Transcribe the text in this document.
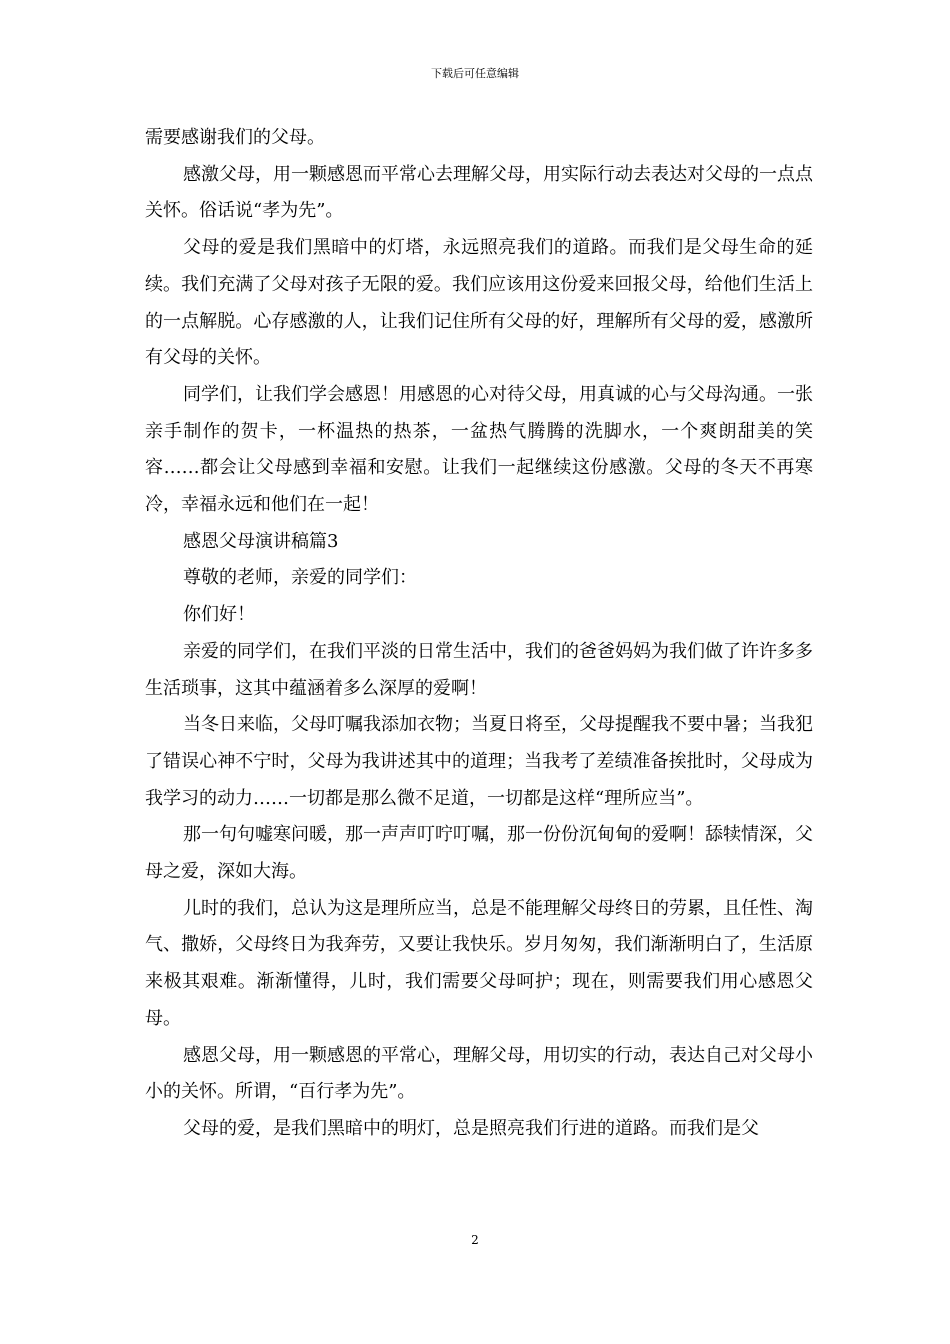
下载后可任意编辑

需要感谢我们的父母。

感激父母，用一颗感恩而平常心去理解父母，用实际行动去表达对父母的一点点关怀。俗话说“孝为先”。

父母的爱是我们黑暗中的灯塔，永远照亮我们的道路。而我们是父母生命的延续。我们充满了父母对孩子无限的爱。我们应该用这份爱来回报父母，给他们生活上的一点解脱。心存感激的人，让我们记住所有父母的好，理解所有父母的爱，感激所有父母的关怀。

同学们，让我们学会感恩！用感恩的心对待父母，用真诚的心与父母沟通。一张亲手制作的贺卡，一杯温热的热茶，一盆热气腾腾的洗脚水，一个爽朗甜美的笑容……都会让父母感到幸福和安慰。让我们一起继续这份感激。父母的冬天不再寒冷，幸福永远和他们在一起！

感恩父母演讲稿篇3

尊敬的老师，亲爱的同学们：

你们好！

亲爱的同学们，在我们平淡的日常生活中，我们的爸爸妈妈为我们做了许许多多生活琐事，这其中蕴涵着多么深厚的爱啊！

当冬日来临，父母叮嘱我添加衣物；当夏日将至，父母提醒我不要中暑；当我犯了错误心神不宁时，父母为我讲述其中的道理；当我考了差绩准备挨批时，父母成为我学习的动力……一切都是那么微不足道，一切都是这样“理所应当”。

那一句句嘘寒问暖，那一声声叮咛叮嘱，那一份份沉甸甸的爱啊！舔犊情深，父母之爱，深如大海。

儿时的我们，总认为这是理所应当，总是不能理解父母终日的劳累，且任性、淘气、撒娇，父母终日为我奔劳，又要让我快乐。岁月匆匆，我们渐渐明白了，生活原来极其艰难。渐渐懂得，儿时，我们需要父母呵护；现在，则需要我们用心感恩父母。

感恩父母，用一颗感恩的平常心，理解父母，用切实的行动，表达自己对父母小小的关怀。所谓，“百行孝为先”。

父母的爱，是我们黑暗中的明灯，总是照亮我们行进的道路。而我们是父

2
